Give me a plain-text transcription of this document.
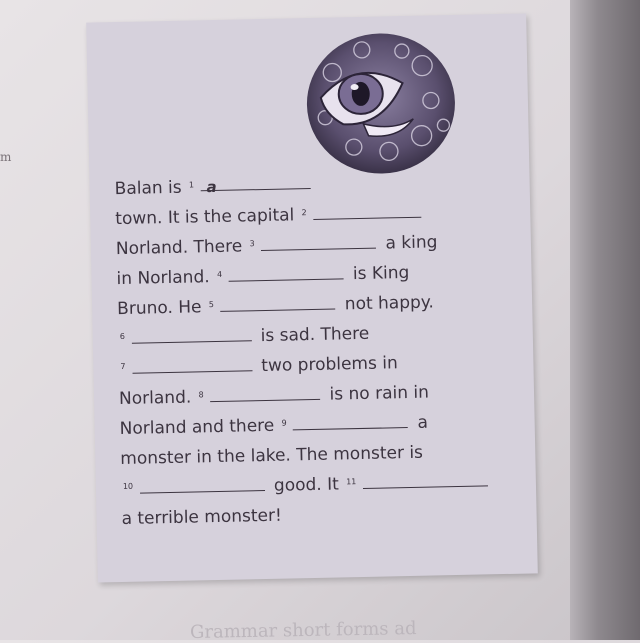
m
Balan is $^1$ a
town. It is the capital $^2$
Norland. There $^3$	a king
in Norland. $^4$	is King
Bruno. He $^5$	not happy.
$^6$	is sad. There
$^7$	two problems in
Norland. $^8$	is no rain in
Norland and there $^9$	a
monster in the lake. The monster is
$^{10}$	good. It $^{11}$
a terrible monster!
Grammar short forms ad
